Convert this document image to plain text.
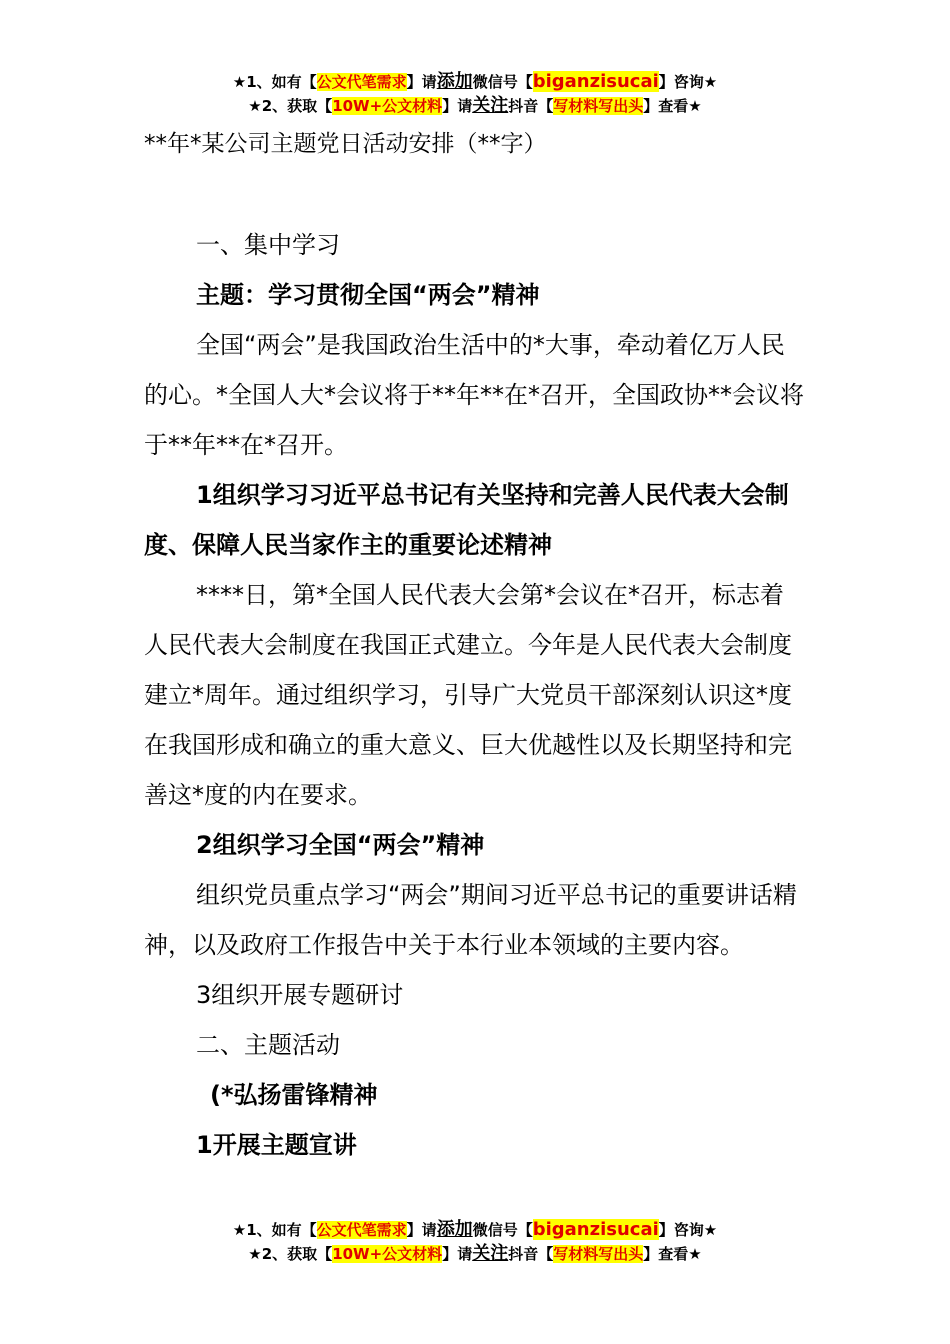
★1、如有【公文代笔需求】请添加微信号【biganzisucai】咨询★
★2、获取【10W+公文材料】请关注抖音【写材料写出头】查看★

**年*某公司主题党日活动安排（**字）

一、集中学习

主题：学习贯彻全国“两会”精神

全国“两会”是我国政治生活中的*大事，牵动着亿万人民的心。*全国人大*会议将于**年**在*召开，全国政协**会议将于**年**在*召开。

1组织学习习近平总书记有关坚持和完善人民代表大会制度、保障人民当家作主的重要论述精神

****日，第*全国人民代表大会第*会议在*召开，标志着人民代表大会制度在我国正式建立。今年是人民代表大会制度建立*周年。通过组织学习，引导广大党员干部深刻认识这*度在我国形成和确立的重大意义、巨大优越性以及长期坚持和完善这*度的内在要求。

2组织学习全国“两会”精神

组织党员重点学习“两会”期间习近平总书记的重要讲话精神，以及政府工作报告中关于本行业本领域的主要内容。

3组织开展专题研讨

二、主题活动

(*弘扬雷锋精神

1开展主题宣讲

★1、如有【公文代笔需求】请添加微信号【biganzisucai】咨询★
★2、获取【10W+公文材料】请关注抖音【写材料写出头】查看★
